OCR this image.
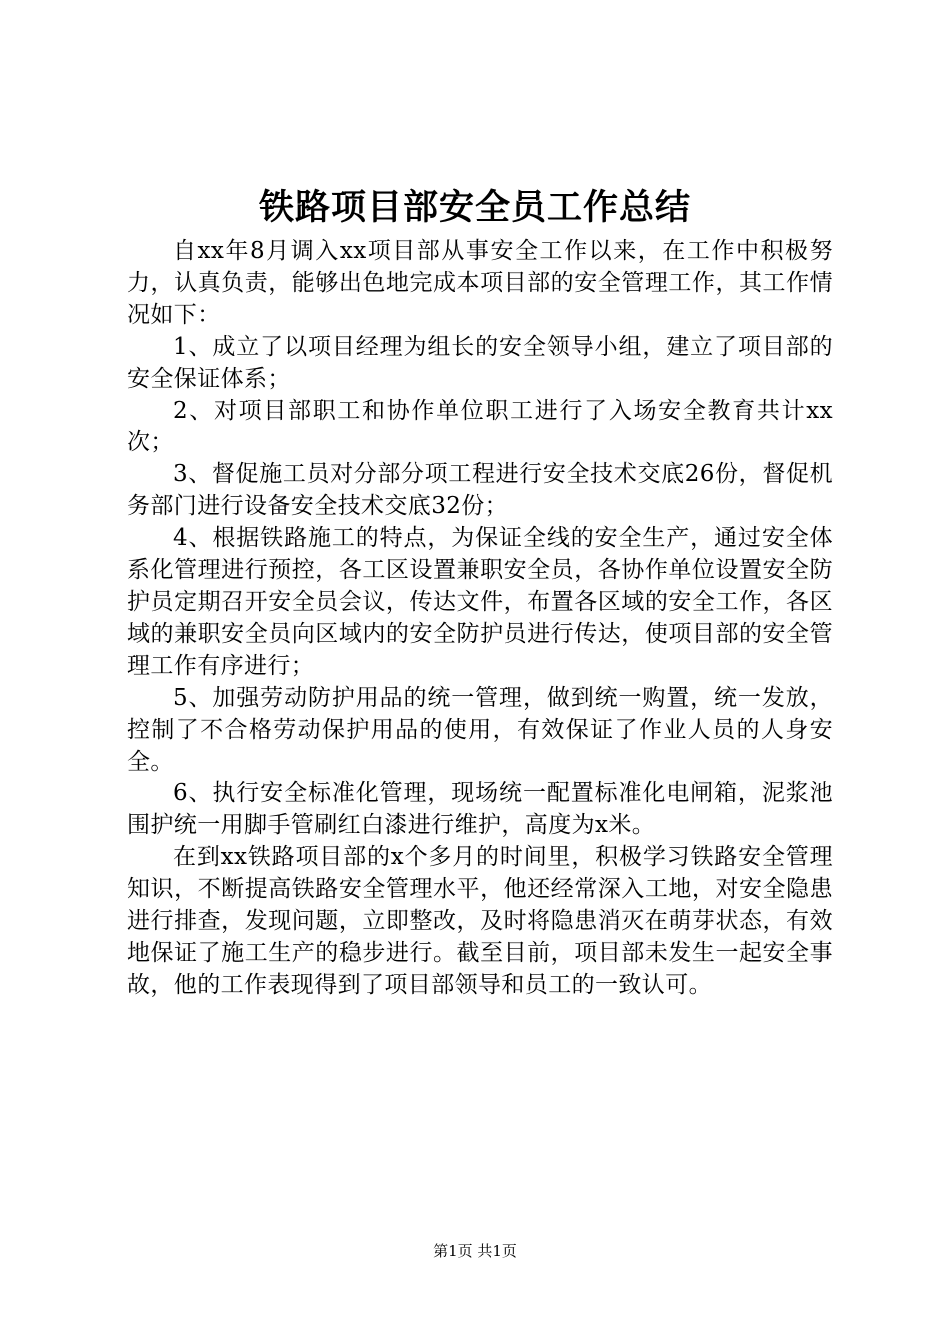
铁路项目部安全员工作总结

自xx年8月调入xx项目部从事安全工作以来，在工作中积极努力，认真负责，能够出色地完成本项目部的安全管理工作，其工作情况如下：

1、成立了以项目经理为组长的安全领导小组，建立了项目部的安全保证体系；

2、对项目部职工和协作单位职工进行了入场安全教育共计xx次；

3、督促施工员对分部分项工程进行安全技术交底26份，督促机务部门进行设备安全技术交底32份；

4、根据铁路施工的特点，为保证全线的安全生产，通过安全体系化管理进行预控，各工区设置兼职安全员，各协作单位设置安全防护员定期召开安全员会议，传达文件，布置各区域的安全工作，各区域的兼职安全员向区域内的安全防护员进行传达，使项目部的安全管理工作有序进行；

5、加强劳动防护用品的统一管理，做到统一购置，统一发放，控制了不合格劳动保护用品的使用，有效保证了作业人员的人身安全。

6、执行安全标准化管理，现场统一配置标准化电闸箱，泥浆池围护统一用脚手管刷红白漆进行维护，高度为x米。

在到xx铁路项目部的x个多月的时间里，积极学习铁路安全管理知识，不断提高铁路安全管理水平，他还经常深入工地，对安全隐患进行排查，发现问题，立即整改，及时将隐患消灭在萌芽状态，有效地保证了施工生产的稳步进行。截至目前，项目部未发生一起安全事故，他的工作表现得到了项目部领导和员工的一致认可。

第1页 共1页
